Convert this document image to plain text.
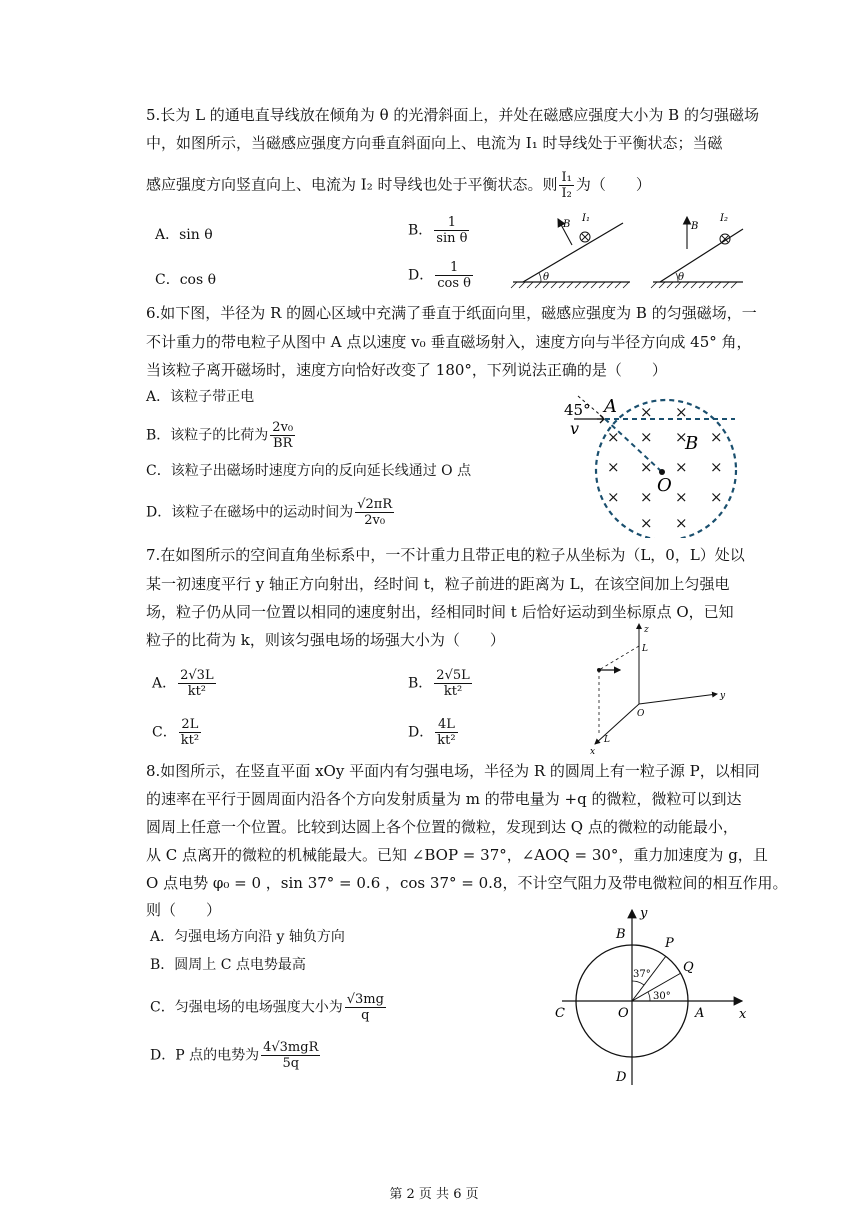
5.长为 L 的通电直导线放在倾角为 θ 的光滑斜面上，并处在磁感应强度大小为 B 的匀强磁场
中，如图所示，当磁感应强度方向垂直斜面向上、电流为 I₁ 时导线处于平衡状态；当磁
感应强度方向竖直向上、电流为 I₂ 时导线也处于平衡状态。则 $\frac{\text{I₁}}{\text{I₂}}$ 为（　　）
A．sin θ	B． $\frac{1}{\text{sin θ}}$
C．cos θ	D． $\frac{1}{\text{cos θ}}$	θ
I₁
B
θ
I₂
B
6.如下图，半径为 R 的圆心区域中充满了垂直于纸面向里，磁感应强度为 B 的匀强磁场，一
不计重力的带电粒子从图中 A 点以速度 v₀ 垂直磁场射入，速度方向与半径方向成 45° 角，
当该粒子离开磁场时，速度方向恰好改变了 180°，下列说法正确的是（　　）
A．该粒子带正电
B．该粒子的比荷为 $\frac{\text{2v₀}}{BR}$
C．该粒子出磁场时速度方向的反向延长线通过 O 点
D．该粒子在磁场中的运动时间为 $\frac{√2\pi R}{\text{2v₀}}$
45° A
v
B
O
× ×
× × × ×
× × × ×
× × × ×
× ×
7.在如图所示的空间直角坐标系中，一不计重力且带正电的粒子从坐标为（L，0，L）处以
某一初速度平行 y 轴正方向射出，经时间 t，粒子前进的距离为 L，在该空间加上匀强电
场，粒子仍从同一位置以相同的速度射出，经相同时间 t 后恰好运动到坐标原点 O，已知
粒子的比荷为 k，则该匀强电场的场强大小为（　　）
A． $\frac{2√3L}{\text{kt²}}$	B． $\frac{2√5L}{\text{kt²}}$
C． $\frac{2L}{\text{kt²}}$	D． $\frac{4L}{\text{kt²}}$
z
y
x
L
L
O
8.如图所示，在竖直平面 xOy 平面内有匀强电场，半径为 R 的圆周上有一粒子源 P，以相同
的速率在平行于圆周面内沿各个方向发射质量为 m 的带电量为 +q 的微粒，微粒可以到达
圆周上任意一个位置。比较到达圆上各个位置的微粒，发现到达 Q 点的微粒的动能最小，
从 C 点离开的微粒的机械能最大。已知 ∠BOP = 37°，∠AOQ = 30°，重力加速度为 g，且
O 点电势 φ₀ = 0 ，sin 37° = 0.6 ，cos 37° = 0.8，不计空气阻力及带电微粒间的相互作用。
则（　　）
A．匀强电场方向沿 y 轴负方向
B．圆周上 C 点电势最高
C．匀强电场的电场强度大小为 $\frac{√3mg}{q}$
D．P 点的电势为 $\frac{\text{4√3mgR}}{5q}$
y
x
B
P
Q
C	O	A
D
37°
30°
第 2 页 共 6 页
